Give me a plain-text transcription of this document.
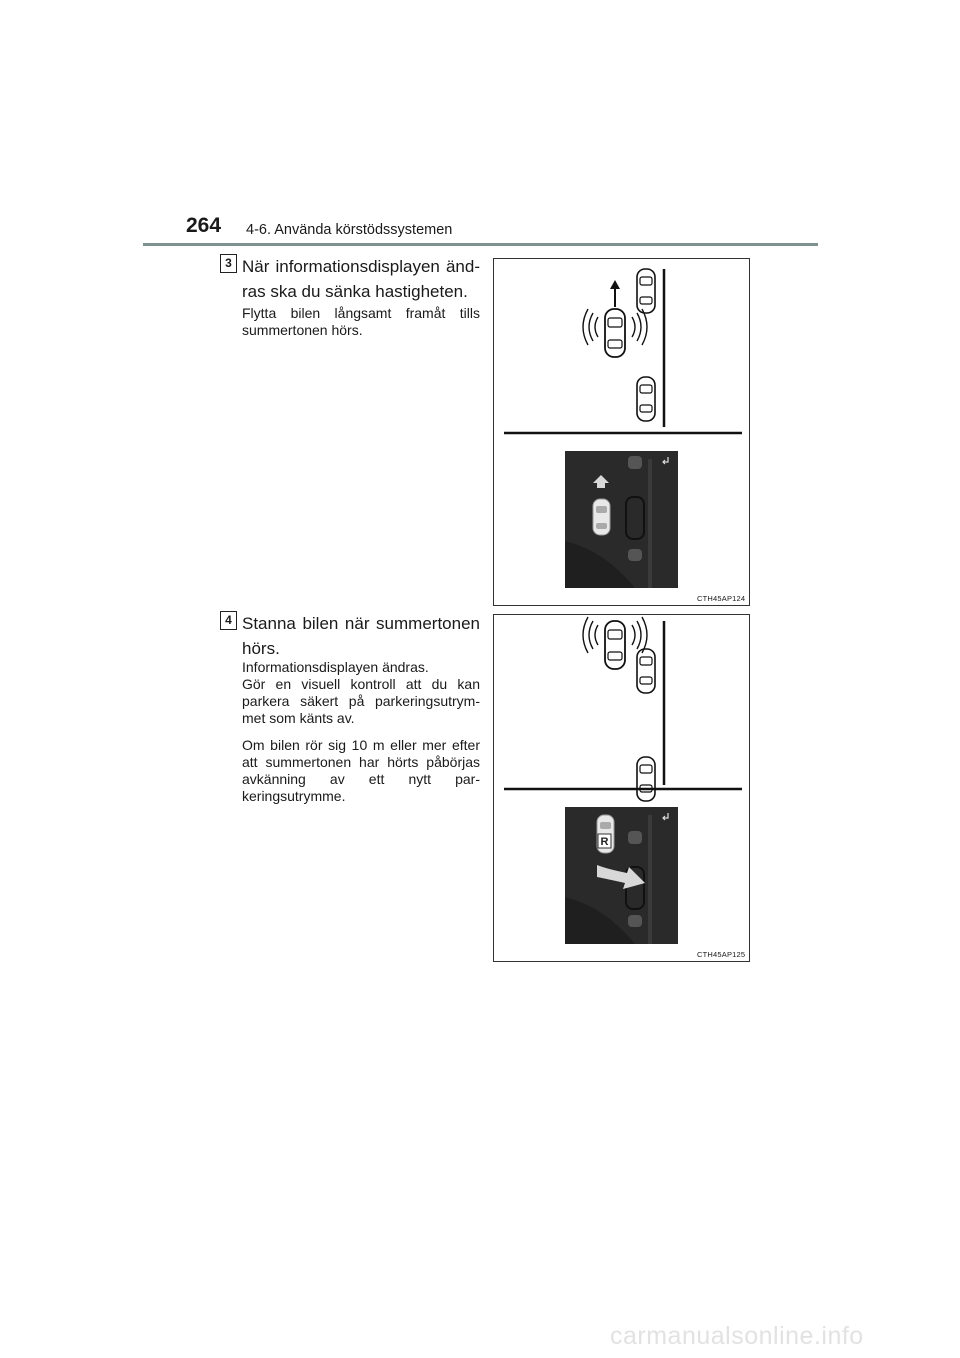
264 4-6. Använda körstödssystemen
3 När informationsdisplayen änd-ras ska du sänka hastigheten.
Flytta bilen långsamt framåt tills summertonen hörs.
CTH45AP124
4 Stanna bilen när summertonen hörs.
Informationsdisplayen ändras.
Gör en visuell kontroll att du kan parkera säkert på parkeringsutrym-met som känts av.
Om bilen rör sig 10 m eller mer efter att summertonen har hörts påbörjas avkänning av ett nytt par-keringsutrymme.
R
CTH45AP125
carmanualsonline.info
